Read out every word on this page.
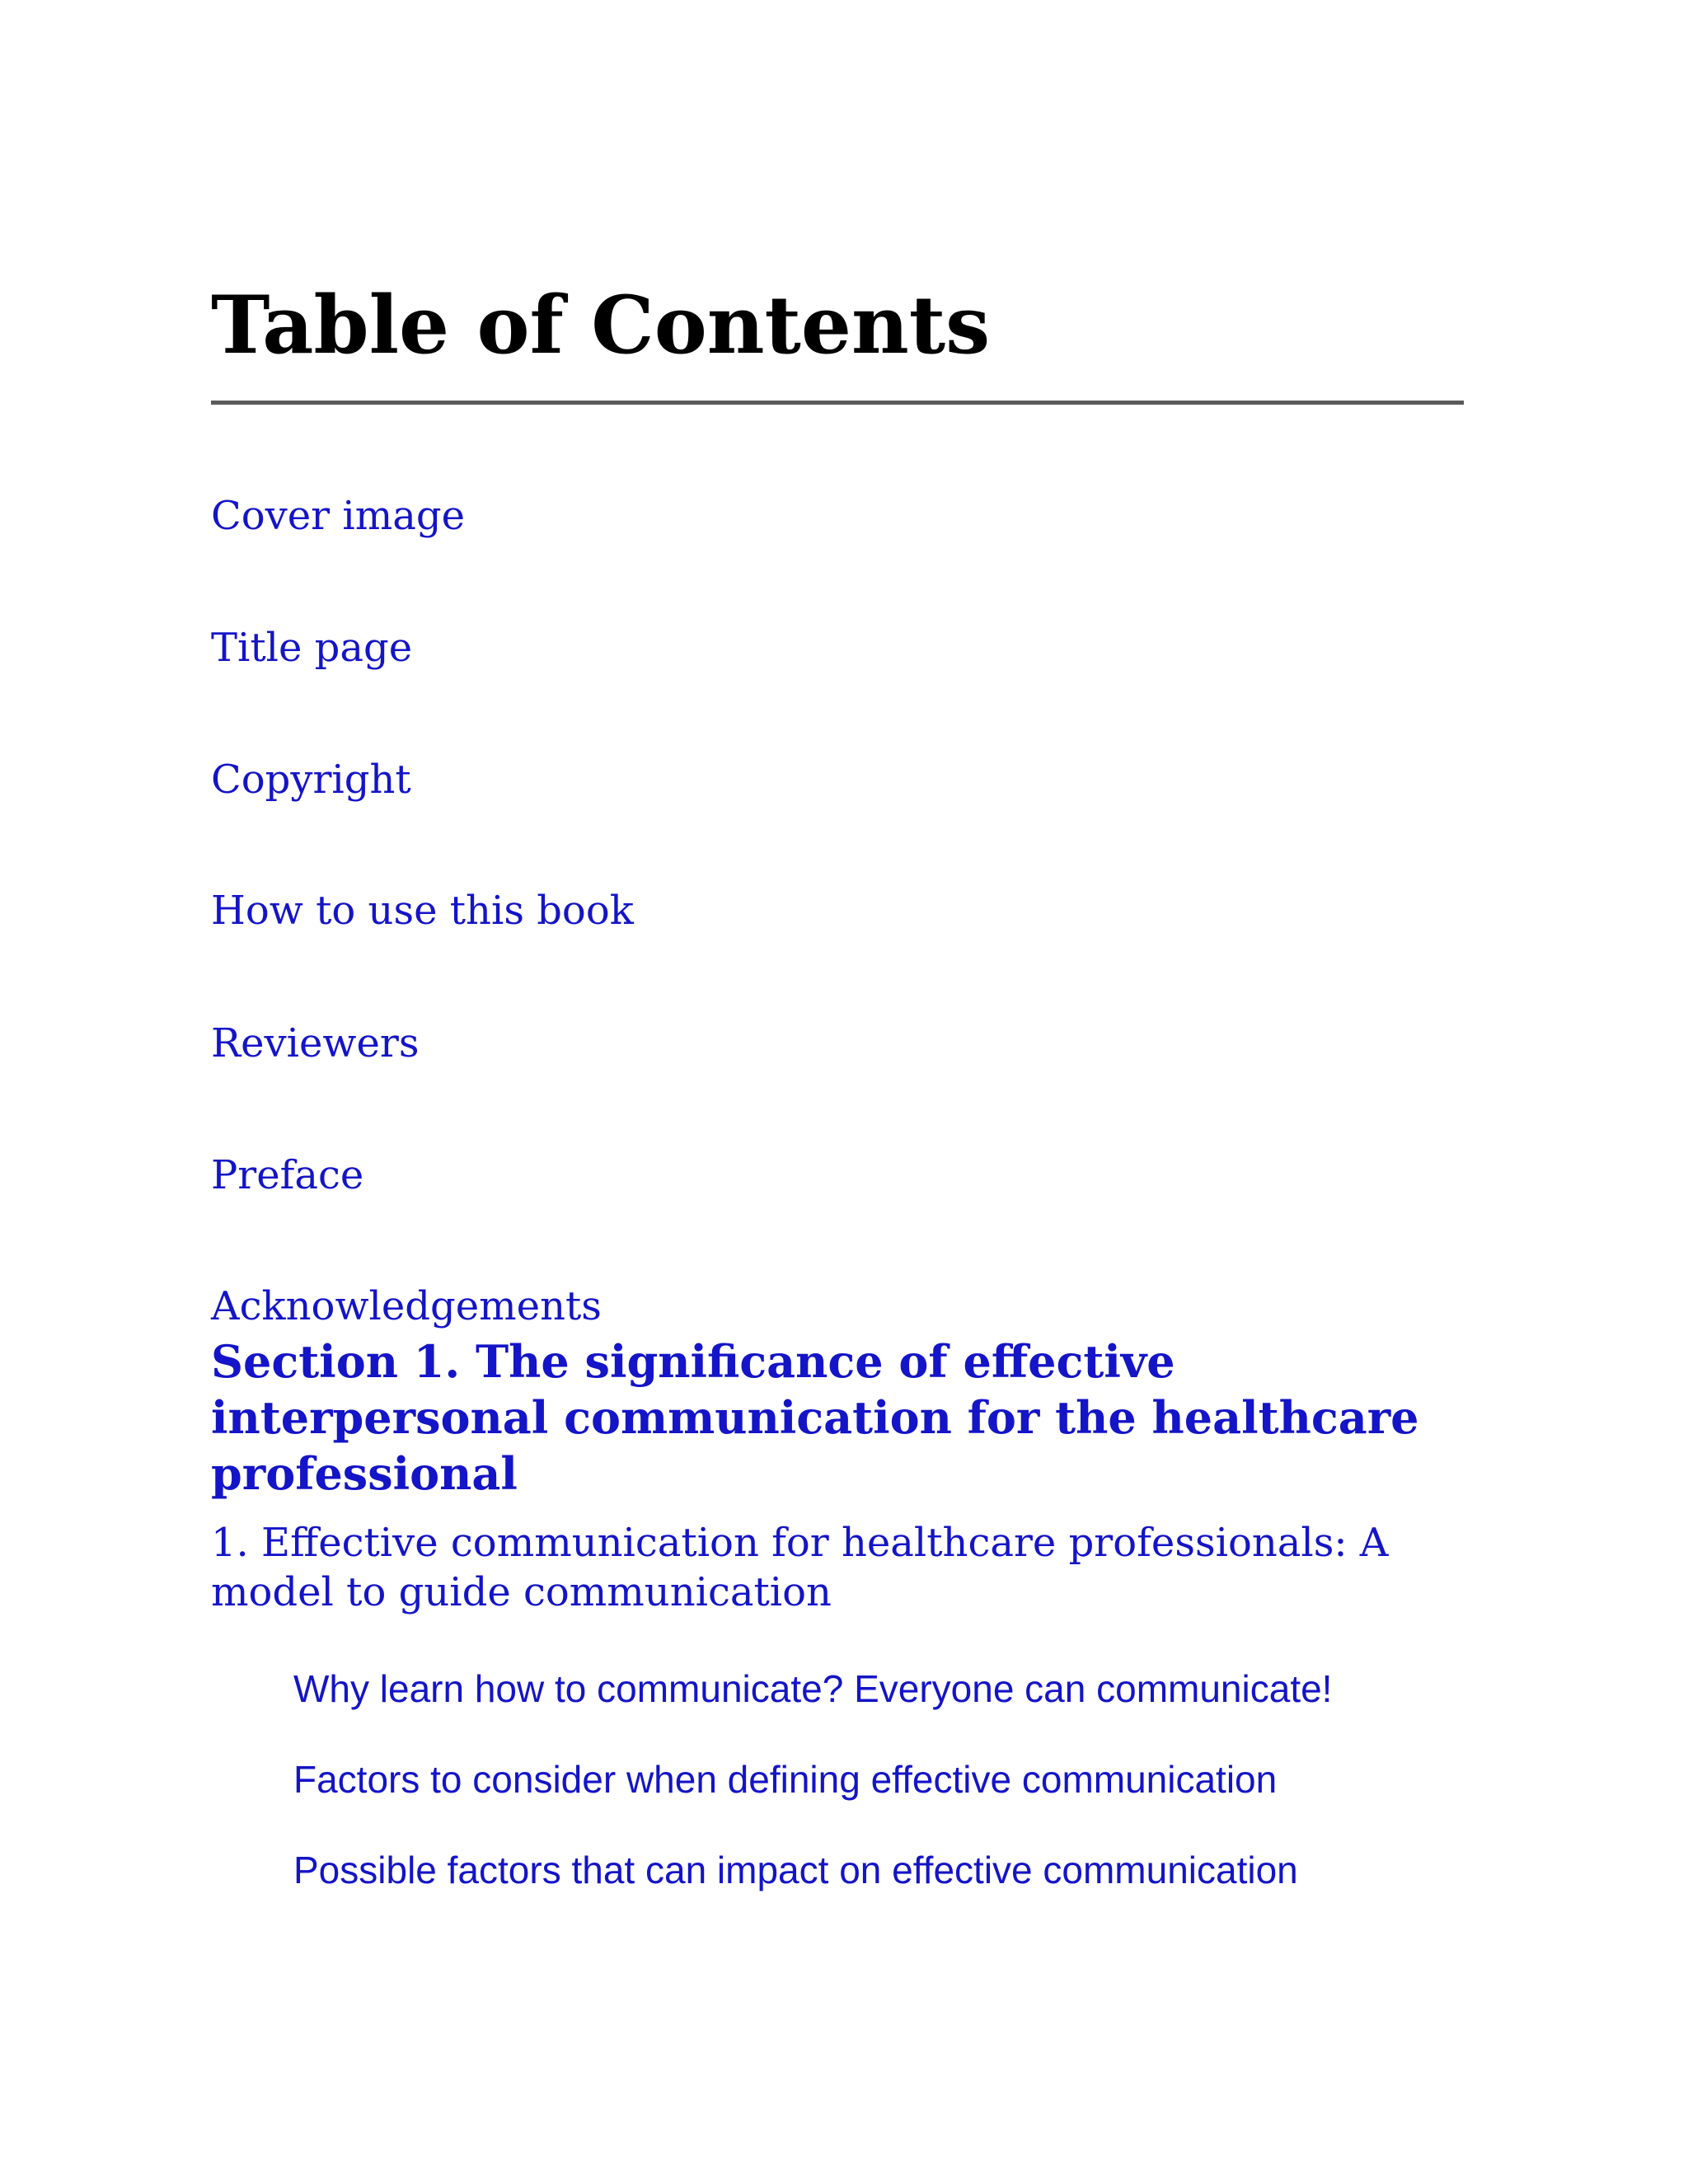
Table of Contents
Cover image
Title page
Copyright
How to use this book
Reviewers
Preface
Acknowledgements
Section 1. The significance of effective interpersonal communication for the healthcare professional
1. Effective communication for healthcare professionals: A model to guide communication
Why learn how to communicate? Everyone can communicate!
Factors to consider when defining effective communication
Possible factors that can impact on effective communication
